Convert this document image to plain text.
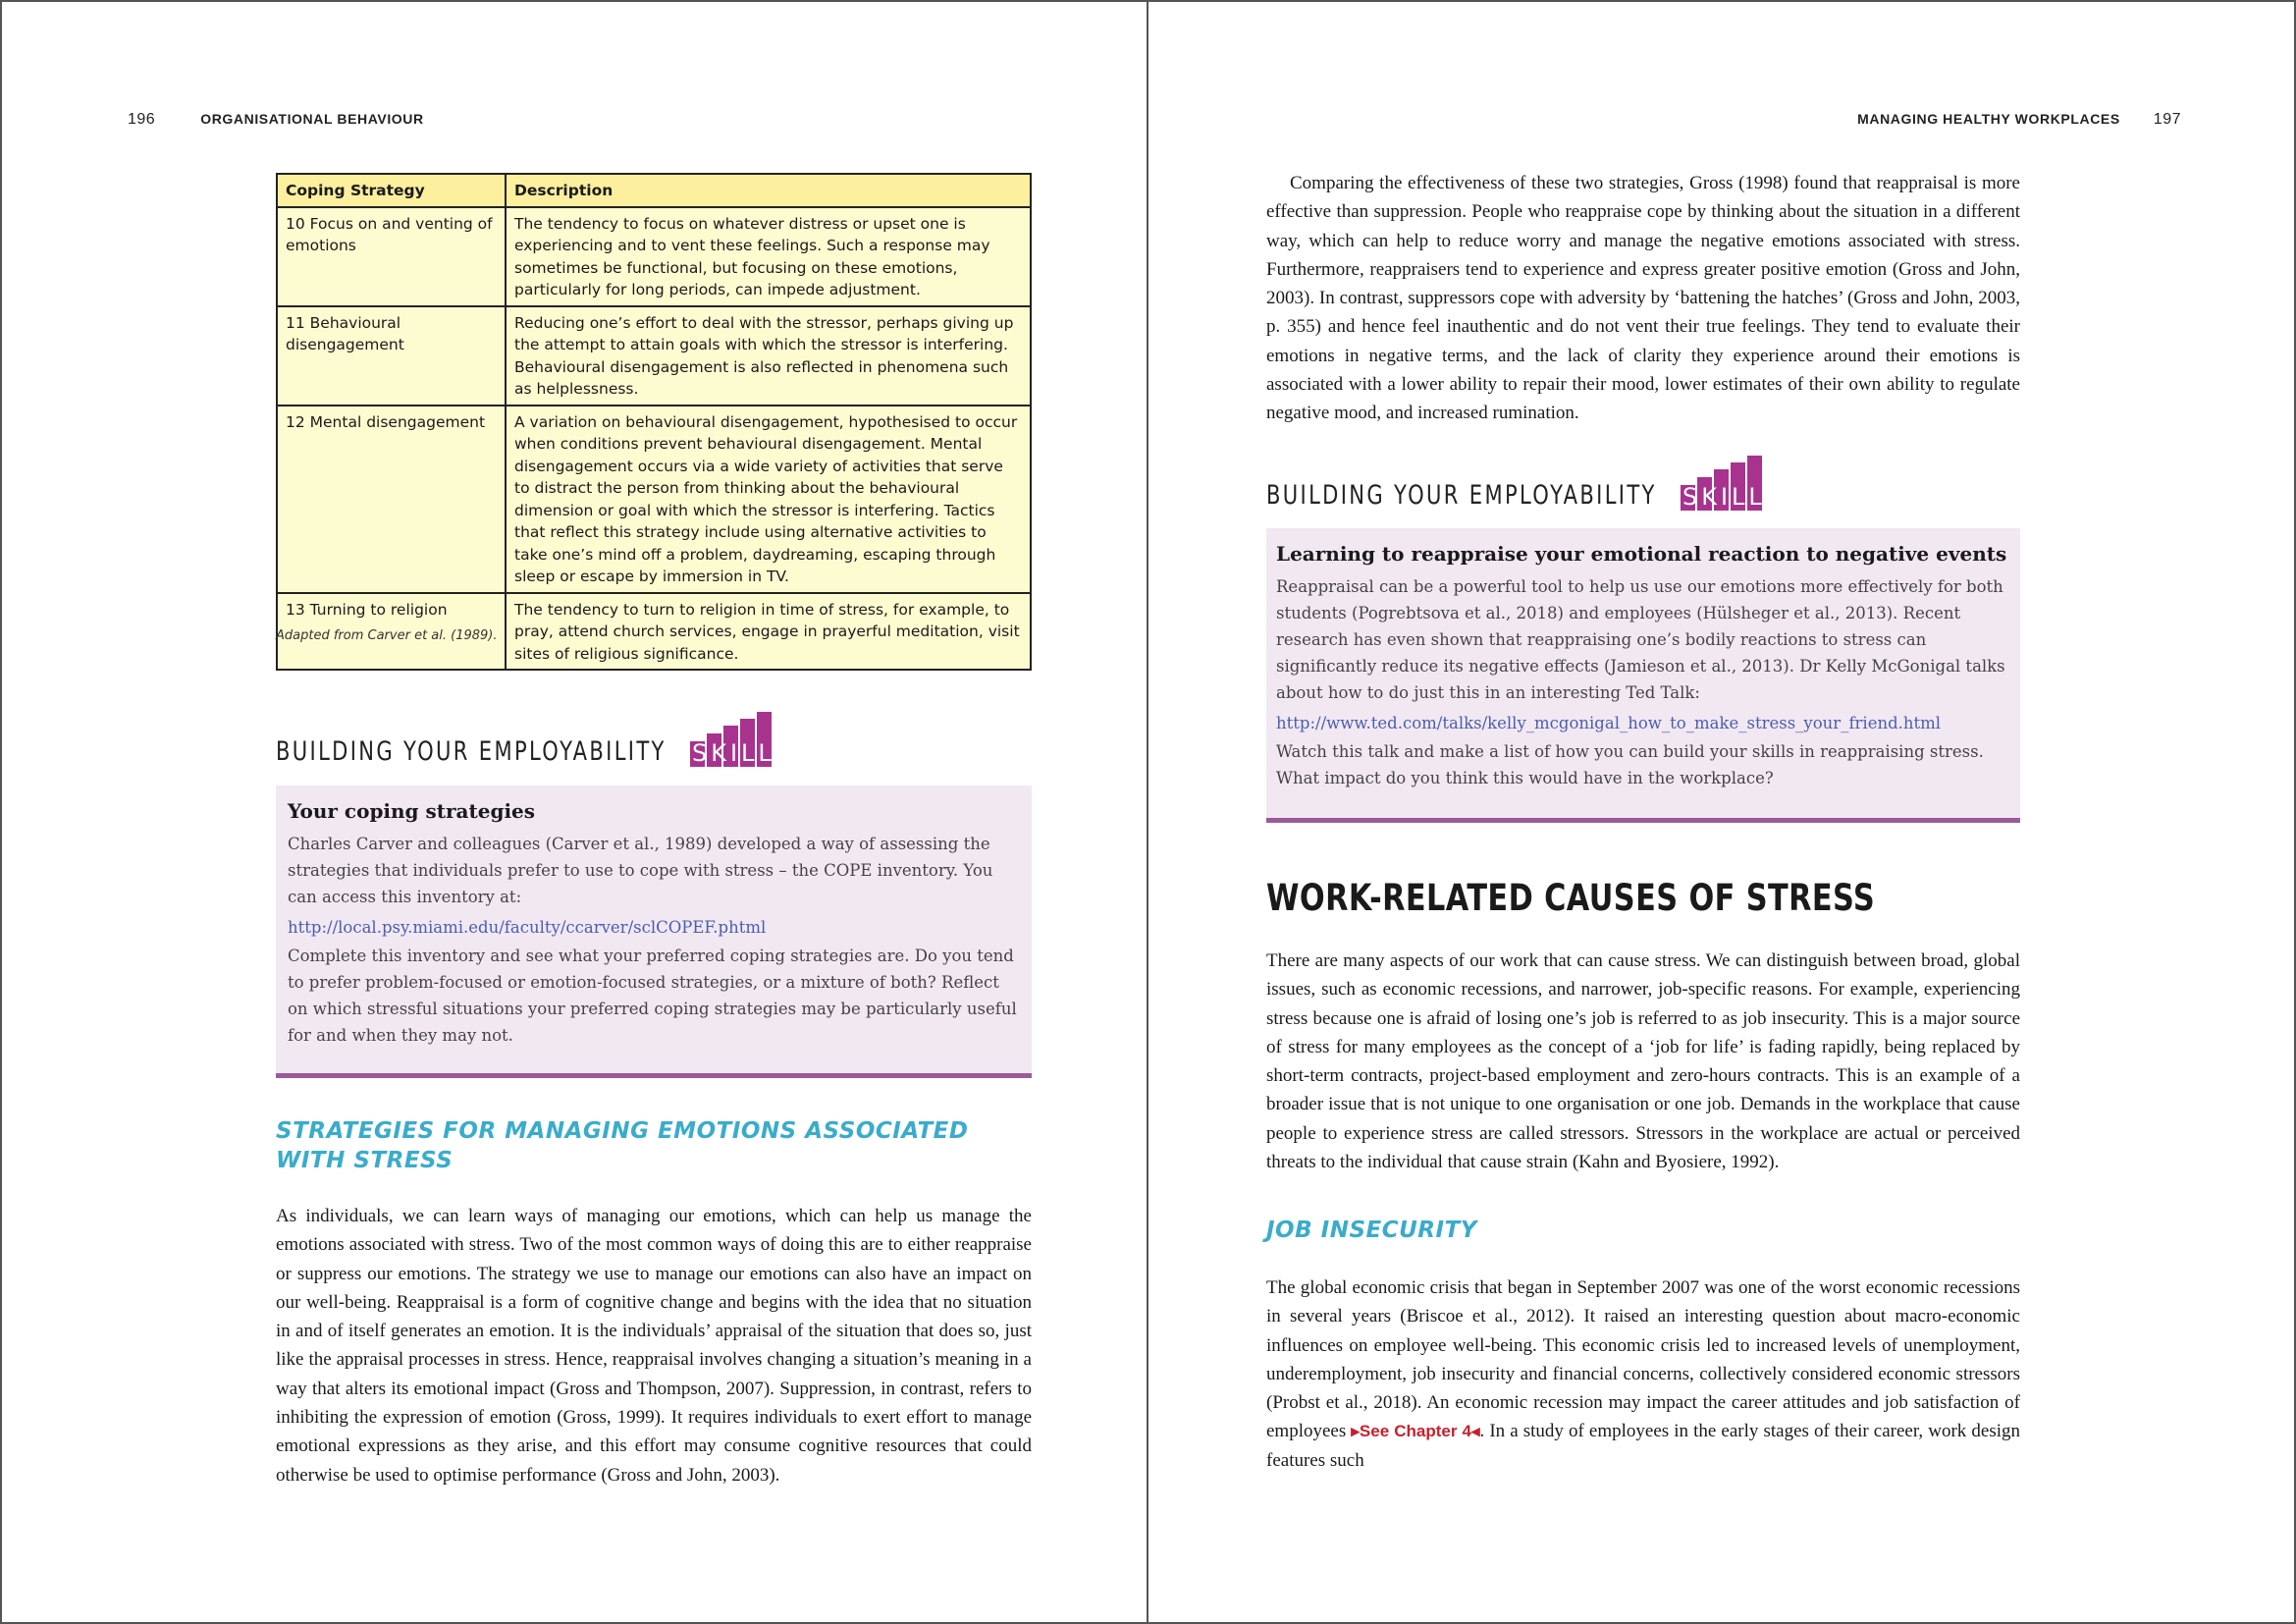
196	ORGANISATIONAL BEHAVIOUR
Coping Strategy	Description
10 Focus on and venting of emotions	The tendency to focus on whatever distress or upset one is experiencing and to vent these feelings. Such a response may sometimes be functional, but focusing on these emotions, particularly for long periods, can impede adjustment.
11 Behavioural disengagement	Reducing one’s effort to deal with the stressor, perhaps giving up the attempt to attain goals with which the stressor is interfering. Behavioural disengagement is also reflected in phenomena such as helplessness.
12 Mental disengagement	A variation on behavioural disengagement, hypothesised to occur when conditions prevent behavioural disengagement. Mental disengagement occurs via a wide variety of activities that serve to distract the person from thinking about the behavioural dimension or goal with which the stressor is interfering. Tactics that reflect this strategy include using alternative activities to take one’s mind off a problem, daydreaming, escaping through sleep or escape by immersion in TV.
13 Turning to religion	The tendency to turn to religion in time of stress, for example, to pray, attend church services, engage in prayerful meditation, visit sites of religious significance.
Adapted from Carver et al. (1989).
BUILDING YOUR EMPLOYABILITY SKILLS
Your coping strategies

Charles Carver and colleagues (Carver et al., 1989) developed a way of assessing the strategies that individuals prefer to use to cope with stress – the COPE inventory. You can access this inventory at:

http://local.psy.miami.edu/faculty/ccarver/sclCOPEF.phtml

Complete this inventory and see what your preferred coping strategies are. Do you tend to prefer problem-focused or emotion-focused strategies, or a mixture of both? Reflect on which stressful situations your preferred coping strategies may be particularly useful for and when they may not.

STRATEGIES FOR MANAGING EMOTIONS ASSOCIATED WITH STRESS
As individuals, we can learn ways of managing our emotions, which can help us manage the emotions associated with stress. Two of the most common ways of doing this are to either reappraise or suppress our emotions. The strategy we use to manage our emotions can also have an impact on our well-being. Reappraisal is a form of cognitive change and begins with the idea that no situation in and of itself generates an emotion. It is the individuals’ appraisal of the situation that does so, just like the appraisal processes in stress. Hence, reappraisal involves changing a situation’s meaning in a way that alters its emotional impact (Gross and Thompson, 2007). Suppression, in contrast, refers to inhibiting the expression of emotion (Gross, 1999). It requires individuals to exert effort to manage emotional expressions as they arise, and this effort may consume cognitive resources that could otherwise be used to optimise performance (Gross and John, 2003).
MANAGING HEALTHY WORKPLACES 197
Comparing the effectiveness of these two strategies, Gross (1998) found that reappraisal is more effective than suppression. People who reappraise cope by thinking about the situation in a different way, which can help to reduce worry and manage the negative emotions associated with stress. Furthermore, reappraisers tend to experience and express greater positive emotion (Gross and John, 2003). In contrast, suppressors cope with adversity by ‘battening the hatches’ (Gross and John, 2003, p. 355) and hence feel inauthentic and do not vent their true feelings. They tend to evaluate their emotions in negative terms, and the lack of clarity they experience around their emotions is associated with a lower ability to repair their mood, lower estimates of their own ability to regulate negative mood, and increased rumination.
BUILDING YOUR EMPLOYABILITY SKILLS
Learning to reappraise your emotional reaction to negative events

Reappraisal can be a powerful tool to help us use our emotions more effectively for both students (Pogrebtsova et al., 2018) and employees (Hülsheger et al., 2013). Recent research has even shown that reappraising one’s bodily reactions to stress can significantly reduce its negative effects (Jamieson et al., 2013). Dr Kelly McGonigal talks about how to do just this in an interesting Ted Talk:

http://www.ted.com/talks/kelly_mcgonigal_how_to_make_stress_your_friend.html

Watch this talk and make a list of how you can build your skills in reappraising stress. What impact do you think this would have in the workplace?

WORK-RELATED CAUSES OF STRESS
There are many aspects of our work that can cause stress. We can distinguish between broad, global issues, such as economic recessions, and narrower, job-specific reasons. For example, experiencing stress because one is afraid of losing one’s job is referred to as job insecurity. This is a major source of stress for many employees as the concept of a ‘job for life’ is fading rapidly, being replaced by short-term contracts, project-based employment and zero-hours contracts. This is an example of a broader issue that is not unique to one organisation or one job. Demands in the workplace that cause people to experience stress are called stressors. Stressors in the workplace are actual or perceived threats to the individual that cause strain (Kahn and Byosiere, 1992).
JOB INSECURITY
The global economic crisis that began in September 2007 was one of the worst economic recessions in several years (Briscoe et al., 2012). It raised an interesting question about macro-economic influences on employee well-being. This economic crisis led to increased levels of unemployment, underemployment, job insecurity and financial concerns, collectively considered economic stressors (Probst et al., 2018). An economic recession may impact the career attitudes and job satisfaction of employees ▸See Chapter 4◂. In a study of employees in the early stages of their career, work design features such
